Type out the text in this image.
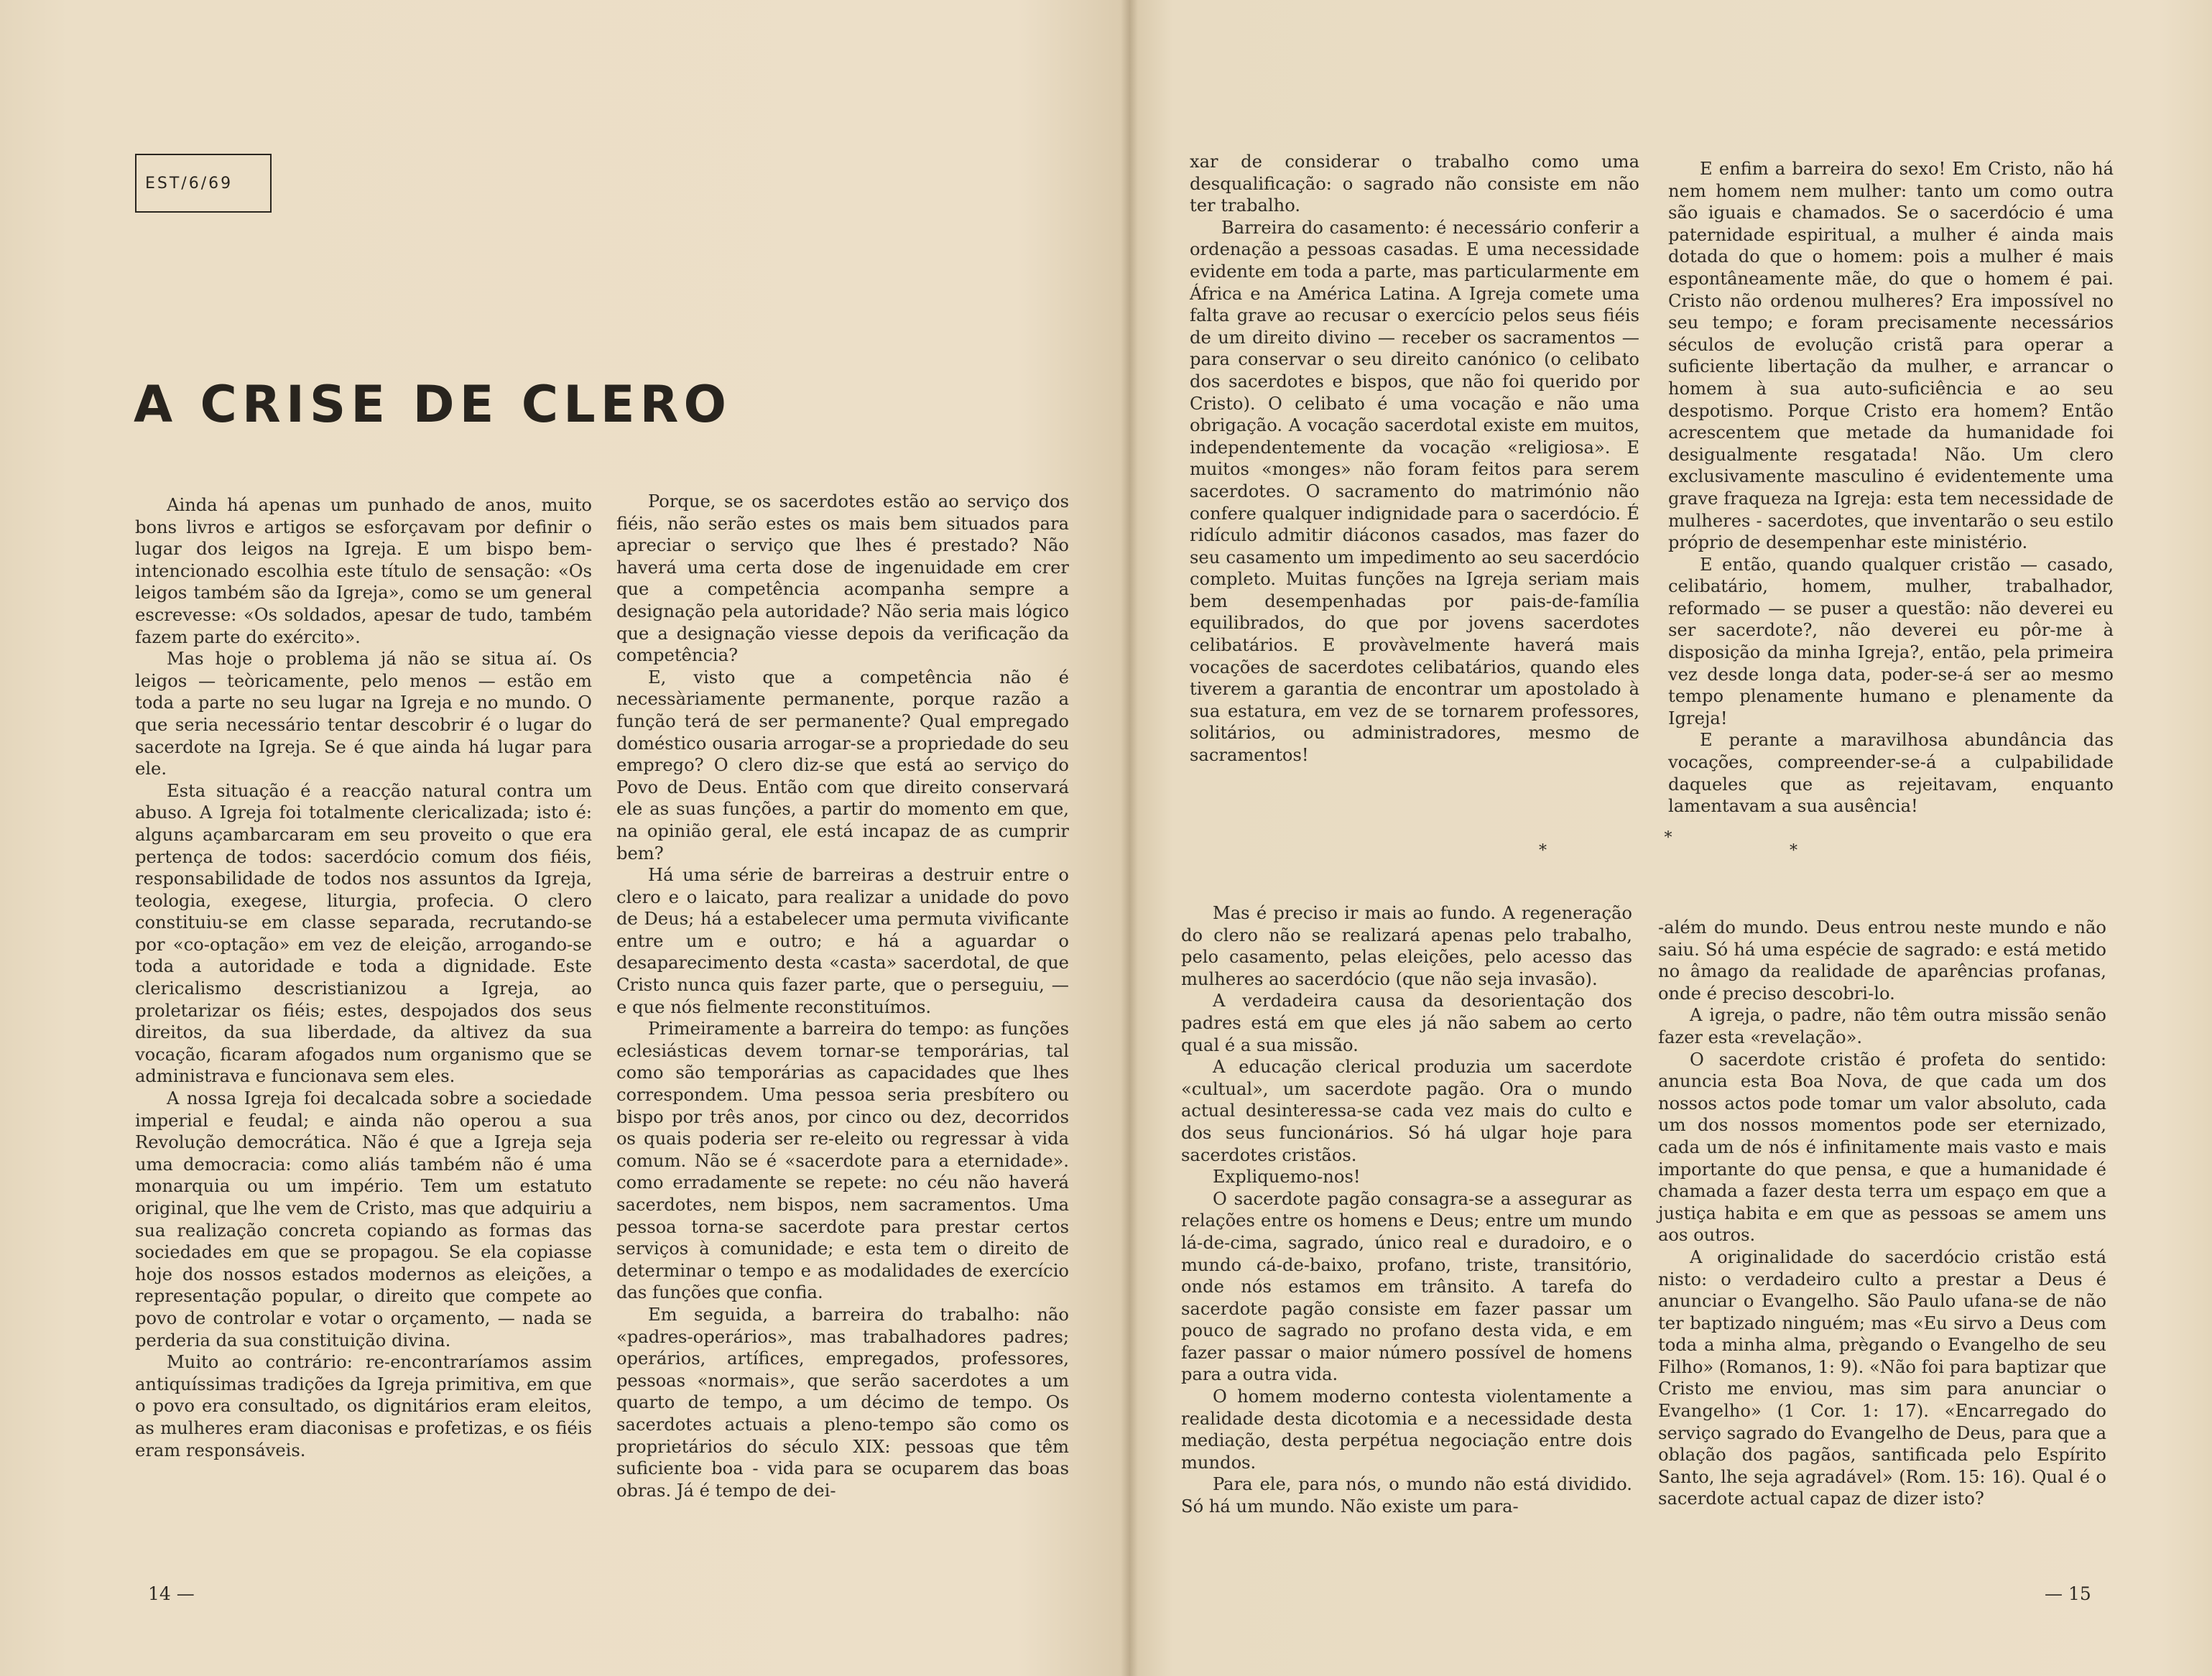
EST/6/69
A CRISE DE CLERO

Ainda há apenas um punhado de anos, muito bons livros e artigos se esforçavam por definir o lugar dos leigos na Igreja. E um bispo bem-intencionado escolhia este título de sensação: «Os leigos também são da Igreja», como se um general escrevesse: «Os soldados, apesar de tudo, também fazem parte do exército».

Mas hoje o problema já não se situa aí. Os leigos — teòricamente, pelo menos — estão em toda a parte no seu lugar na Igreja e no mundo. O que seria necessário tentar descobrir é o lugar do sacerdote na Igreja. Se é que ainda há lugar para ele.

Esta situação é a reacção natural contra um abuso. A Igreja foi totalmente clericalizada; isto é: alguns açambarcaram em seu proveito o que era pertença de todos: sacerdócio comum dos fiéis, responsabilidade de todos nos assuntos da Igreja, teologia, exegese, liturgia, profecia. O clero constituiu-se em classe separada, recrutando-se por «co-optação» em vez de eleição, arrogando-se toda a autoridade e toda a dignidade. Este clericalismo descristianizou a Igreja, ao proletarizar os fiéis; estes, despojados dos seus direitos, da sua liberdade, da altivez da sua vocação, ficaram afogados num organismo que se administrava e funcionava sem eles.

A nossa Igreja foi decalcada sobre a sociedade imperial e feudal; e ainda não operou a sua Revolução democrática. Não é que a Igreja seja uma democracia: como aliás também não é uma monarquia ou um império. Tem um estatuto original, que lhe vem de Cristo, mas que adquiriu a sua realização concreta copiando as formas das sociedades em que se propagou. Se ela copiasse hoje dos nossos estados modernos as eleições, a representação popular, o direito que compete ao povo de controlar e votar o orçamento, — nada se perderia da sua constituição divina.

Muito ao contrário: re-encontraríamos assim antiquíssimas tradições da Igreja primitiva, em que o povo era consultado, os dignitários eram eleitos, as mulheres eram diaconisas e profetizas, e os fiéis eram responsáveis.

Porque, se os sacerdotes estão ao serviço dos fiéis, não serão estes os mais bem situados para apreciar o serviço que lhes é prestado? Não haverá uma certa dose de ingenuidade em crer que a competência acompanha sempre a designação pela autoridade? Não seria mais lógico que a designação viesse depois da verificação da competência?

E, visto que a competência não é necessàriamente permanente, porque razão a função terá de ser permanente? Qual empregado doméstico ousaria arrogar-se a propriedade do seu emprego? O clero diz-se que está ao serviço do Povo de Deus. Então com que direito conservará ele as suas funções, a partir do momento em que, na opinião geral, ele está incapaz de as cumprir bem?

Há uma série de barreiras a destruir entre o clero e o laicato, para realizar a unidade do povo de Deus; há a estabelecer uma permuta vivificante entre um e outro; e há a aguardar o desaparecimento desta «casta» sacerdotal, de que Cristo nunca quis fazer parte, que o perseguiu, — e que nós fielmente reconstituímos.

Primeiramente a barreira do tempo: as funções eclesiásticas devem tornar-se temporárias, tal como são temporárias as capacidades que lhes correspondem. Uma pessoa seria presbítero ou bispo por três anos, por cinco ou dez, decorridos os quais poderia ser re-eleito ou regressar à vida comum. Não se é «sacerdote para a eternidade». como erradamente se repete: no céu não haverá sacerdotes, nem bispos, nem sacramentos. Uma pessoa torna-se sacerdote para prestar certos serviços à comunidade; e esta tem o direito de determinar o tempo e as modalidades de exercício das funções que confia.

Em seguida, a barreira do trabalho: não «padres-operários», mas trabalhadores padres; operários, artífices, empregados, professores, pessoas «normais», que serão sacerdotes a um quarto de tempo, a um décimo de tempo. Os sacerdotes actuais a pleno-tempo são como os proprietários do século XIX: pessoas que têm suficiente boa - vida para se ocuparem das boas obras. Já é tempo de dei-

14 —

xar de considerar o trabalho como uma desqualificação: o sagrado não consiste em não ter trabalho.

Barreira do casamento: é necessário conferir a ordenação a pessoas casadas. E uma necessidade evidente em toda a parte, mas particularmente em África e na América Latina. A Igreja comete uma falta grave ao recusar o exercício pelos seus fiéis de um direito divino — receber os sacramentos — para conservar o seu direito canónico (o celibato dos sacerdotes e bispos, que não foi querido por Cristo). O celibato é uma vocação e não uma obrigação. A vocação sacerdotal existe em muitos, independentemente da vocação «religiosa». E muitos «monges» não foram feitos para serem sacerdotes. O sacramento do matrimónio não confere qualquer indignidade para o sacerdócio. É ridículo admitir diáconos casados, mas fazer do seu casamento um impedimento ao seu sacerdócio completo. Muitas funções na Igreja seriam mais bem desempenhadas por pais-de-família equilibrados, do que por jovens sacerdotes celibatários. E provàvelmente haverá mais vocações de sacerdotes celibatários, quando eles tiverem a garantia de encontrar um apostolado à sua estatura, em vez de se tornarem professores, solitários, ou administradores, mesmo de sacramentos!

E enfim a barreira do sexo! Em Cristo, não há nem homem nem mulher: tanto um como outra são iguais e chamados. Se o sacerdócio é uma paternidade espiritual, a mulher é ainda mais dotada do que o homem: pois a mulher é mais espontâneamente mãe, do que o homem é pai. Cristo não ordenou mulheres? Era impossível no seu tempo; e foram precisamente necessários séculos de evolução cristã para operar a suficiente libertação da mulher, e arrancar o homem à sua auto-suficiência e ao seu despotismo. Porque Cristo era homem? Então acrescentem que metade da humanidade foi desigualmente resgatada! Não. Um clero exclusivamente masculino é evidentemente uma grave fraqueza na Igreja: esta tem necessidade de mulheres - sacerdotes, que inventarão o seu estilo próprio de desempenhar este ministério.

E então, quando qualquer cristão — casado, celibatário, homem, mulher, trabalhador, reformado — se puser a questão: não deverei eu ser sacerdote?, não deverei eu pôr-me à disposição da minha Igreja?, então, pela primeira vez desde longa data, poder-se-á ser ao mesmo tempo plenamente humano e plenamente da Igreja!

E perante a maravilhosa abundância das vocações, compreender-se-á a culpabilidade daqueles que as rejeitavam, enquanto lamentavam a sua ausência!

*
*
*

Mas é preciso ir mais ao fundo. A regeneração do clero não se realizará apenas pelo trabalho, pelo casamento, pelas eleições, pelo acesso das mulheres ao sacerdócio (que não seja invasão).

A verdadeira causa da desorientação dos padres está em que eles já não sabem ao certo qual é a sua missão.

A educação clerical produzia um sacerdote «cultual», um sacerdote pagão. Ora o mundo actual desinteressa-se cada vez mais do culto e dos seus funcionários. Só há ulgar hoje para sacerdotes cristãos.

Expliquemo-nos!

O sacerdote pagão consagra-se a assegurar as relações entre os homens e Deus; entre um mundo lá-de-cima, sagrado, único real e duradoiro, e o mundo cá-de-baixo, profano, triste, transitório, onde nós estamos em trânsito. A tarefa do sacerdote pagão consiste em fazer passar um pouco de sagrado no profano desta vida, e em fazer passar o maior número possível de homens para a outra vida.

O homem moderno contesta violentamente a realidade desta dicotomia e a necessidade desta mediação, desta perpétua negociação entre dois mundos.

Para ele, para nós, o mundo não está dividido. Só há um mundo. Não existe um para-

-além do mundo. Deus entrou neste mundo e não saiu. Só há uma espécie de sagrado: e está metido no âmago da realidade de aparências profanas, onde é preciso descobri-lo.

A igreja, o padre, não têm outra missão senão fazer esta «revelação».

O sacerdote cristão é profeta do sentido: anuncia esta Boa Nova, de que cada um dos nossos actos pode tomar um valor absoluto, cada um dos nossos momentos pode ser eternizado, cada um de nós é infinitamente mais vasto e mais importante do que pensa, e que a humanidade é chamada a fazer desta terra um espaço em que a justiça habita e em que as pessoas se amem uns aos outros.

A originalidade do sacerdócio cristão está nisto: o verdadeiro culto a prestar a Deus é anunciar o Evangelho. São Paulo ufana-se de não ter baptizado ninguém; mas «Eu sirvo a Deus com toda a minha alma, prègando o Evangelho de seu Filho» (Romanos, 1: 9). «Não foi para baptizar que Cristo me enviou, mas sim para anunciar o Evangelho» (1 Cor. 1: 17). «Encarregado do serviço sagrado do Evangelho de Deus, para que a oblação dos pagãos, santificada pelo Espírito Santo, lhe seja agradável» (Rom. 15: 16). Qual é o sacerdote actual capaz de dizer isto?

— 15
